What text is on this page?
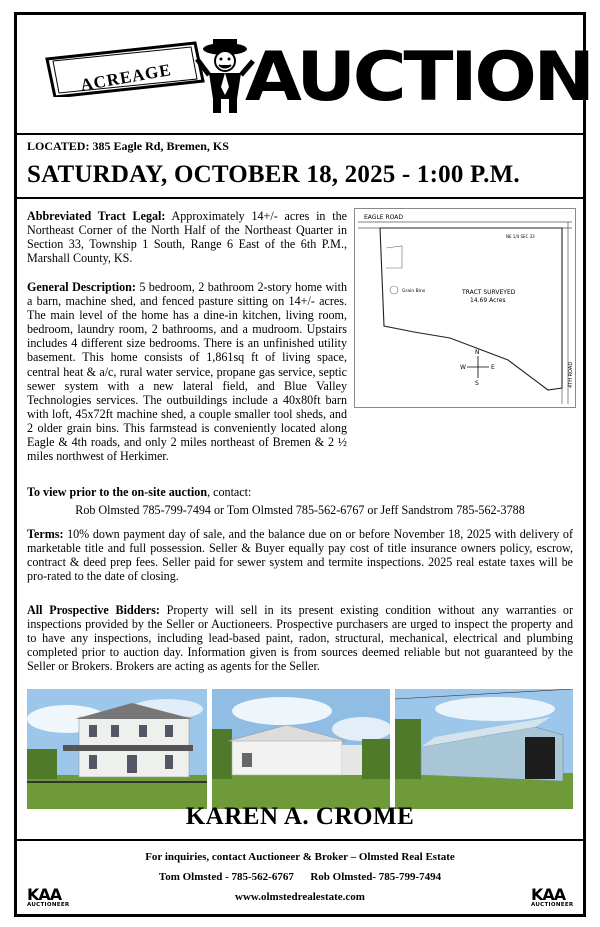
ACREAGE AUCTION
LOCATED: 385 Eagle Rd, Bremen, KS
SATURDAY, OCTOBER 18, 2025 - 1:00 P.M.
Abbreviated Tract Legal: Approximately 14+/- acres in the Northeast Corner of the North Half of the Northeast Quarter in Section 33, Township 1 South, Range 6 East of the 6th P.M., Marshall County, KS.
General Description: 5 bedroom, 2 bathroom 2-story home with a barn, machine shed, and fenced pasture sitting on 14+/- acres. The main level of the home has a dine-in kitchen, living room, bedroom, laundry room, 2 bathrooms, and a mudroom. Upstairs includes 4 different size bedrooms. There is an unfinished utility basement. This home consists of 1,861sq ft of living space, central heat & a/c, rural water service, propane gas service, septic sewer system with a new lateral field, and Blue Valley Technologies services. The outbuildings include a 40x80ft barn with loft, 45x72ft machine shed, a couple smaller tool sheds, and 2 older grain bins. This farmstead is conveniently located along Eagle & 4th roads, and only 2 miles northeast of Bremen & 2 ½ miles northwest of Herkimer.
EAGLE ROAD
4TH ROAD
Grain Bins
NE 1/4 SEC 33
TRACT SURVEYED
14.69 Acres
N
S
E
W
To view prior to the on-site auction, contact:
Rob Olmsted 785-799-7494 or Tom Olmsted 785-562-6767 or Jeff Sandstrom 785-562-3788
Terms: 10% down payment day of sale, and the balance due on or before November 18, 2025 with delivery of marketable title and full possession. Seller & Buyer equally pay cost of title insurance owners policy, escrow, contract & deed prep fees. Seller paid for sewer system and termite inspections. 2025 real estate taxes will be pro-rated to the date of closing.
All Prospective Bidders: Property will sell in its present existing condition without any warranties or inspections provided by the Seller or Auctioneers. Prospective purchasers are urged to inspect the property and to have any inspections, including lead-based paint, radon, structural, mechanical, electrical and plumbing completed prior to auction day. Information given is from sources deemed reliable but not guaranteed by the Seller or Brokers. Brokers are acting as agents for the Seller.
KAREN A. CROME
For inquiries, contact Auctioneer & Broker – Olmsted Real Estate
Tom Olmsted - 785-562-6767      Rob Olmsted- 785-799-7494
www.olmstedrealestate.com
KAA
AUCTIONEER
KAA
AUCTIONEER
